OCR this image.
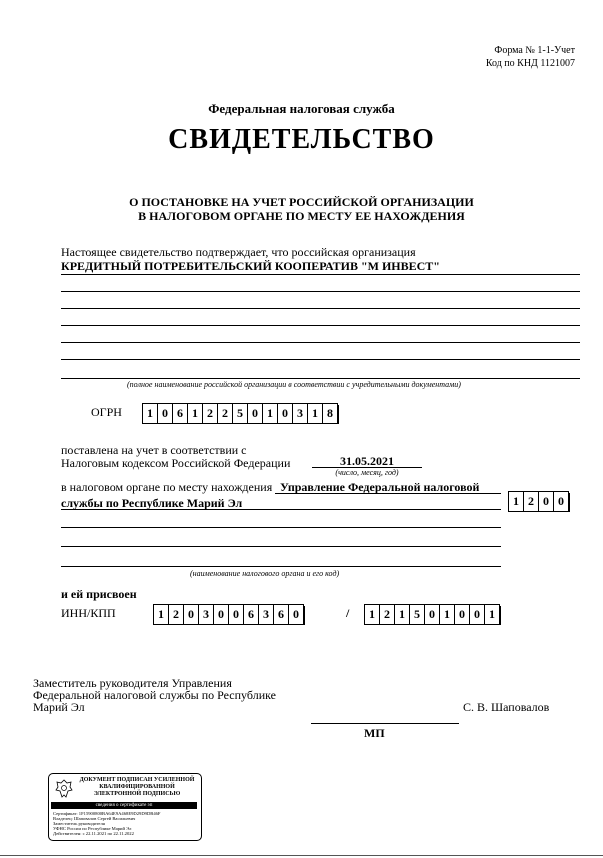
Форма № 1-1-Учет
Код по КНД 1121007
Федеральная налоговая служба
СВИДЕТЕЛЬСТВО
О ПОСТАНОВКЕ НА УЧЕТ РОССИЙСКОЙ ОРГАНИЗАЦИИ
В НАЛОГОВОМ ОРГАНЕ ПО МЕСТУ ЕЕ НАХОЖДЕНИЯ
Настоящее свидетельство подтверждает, что российская организация
КРЕДИТНЫЙ ПОТРЕБИТЕЛЬСКИЙ КООПЕРАТИВ "М ИНВЕСТ"
(полное наименование российской организации в соответствии с учредительными документами)
ОГРН	1 0 6 1 2 2 5 0 1 0 3 1 8
поставлена на учет в соответствии с
Налоговым кодексом Российской Федерации	31.05.2021
(число, месяц, год)
в налоговом органе по месту нахождения Управление Федеральной налоговой
службы по Республике Марий Эл	1 2 0 0
(наименование налогового органа и его код)
и ей присвоен
ИНН/КПП	1 2 0 3 0 0 6 3 6 0	/	1 2 1 5 0 1 0 0 1
Заместитель руководителя Управления
Федеральной налоговой службы по Республике
Марий Эл	С. В. Шаповалов
МП
ДОКУМЕНТ ПОДПИСАН УСИЛЕННОЙ КВАЛИФИЦИРОВАННОЙ ЭЛЕКТРОННОЙ ПОДПИСЬЮ
сведения о сертификате эп
Сертификат: 1F15900800BA64E9A468E9D29D9DB46F
Владелец: Шаповалов Сергей Васильевич
Заместитель руководителя
УФНС России по Республике Марий Эл
Действителен: с 22.11.2021 по 22.11.2022
